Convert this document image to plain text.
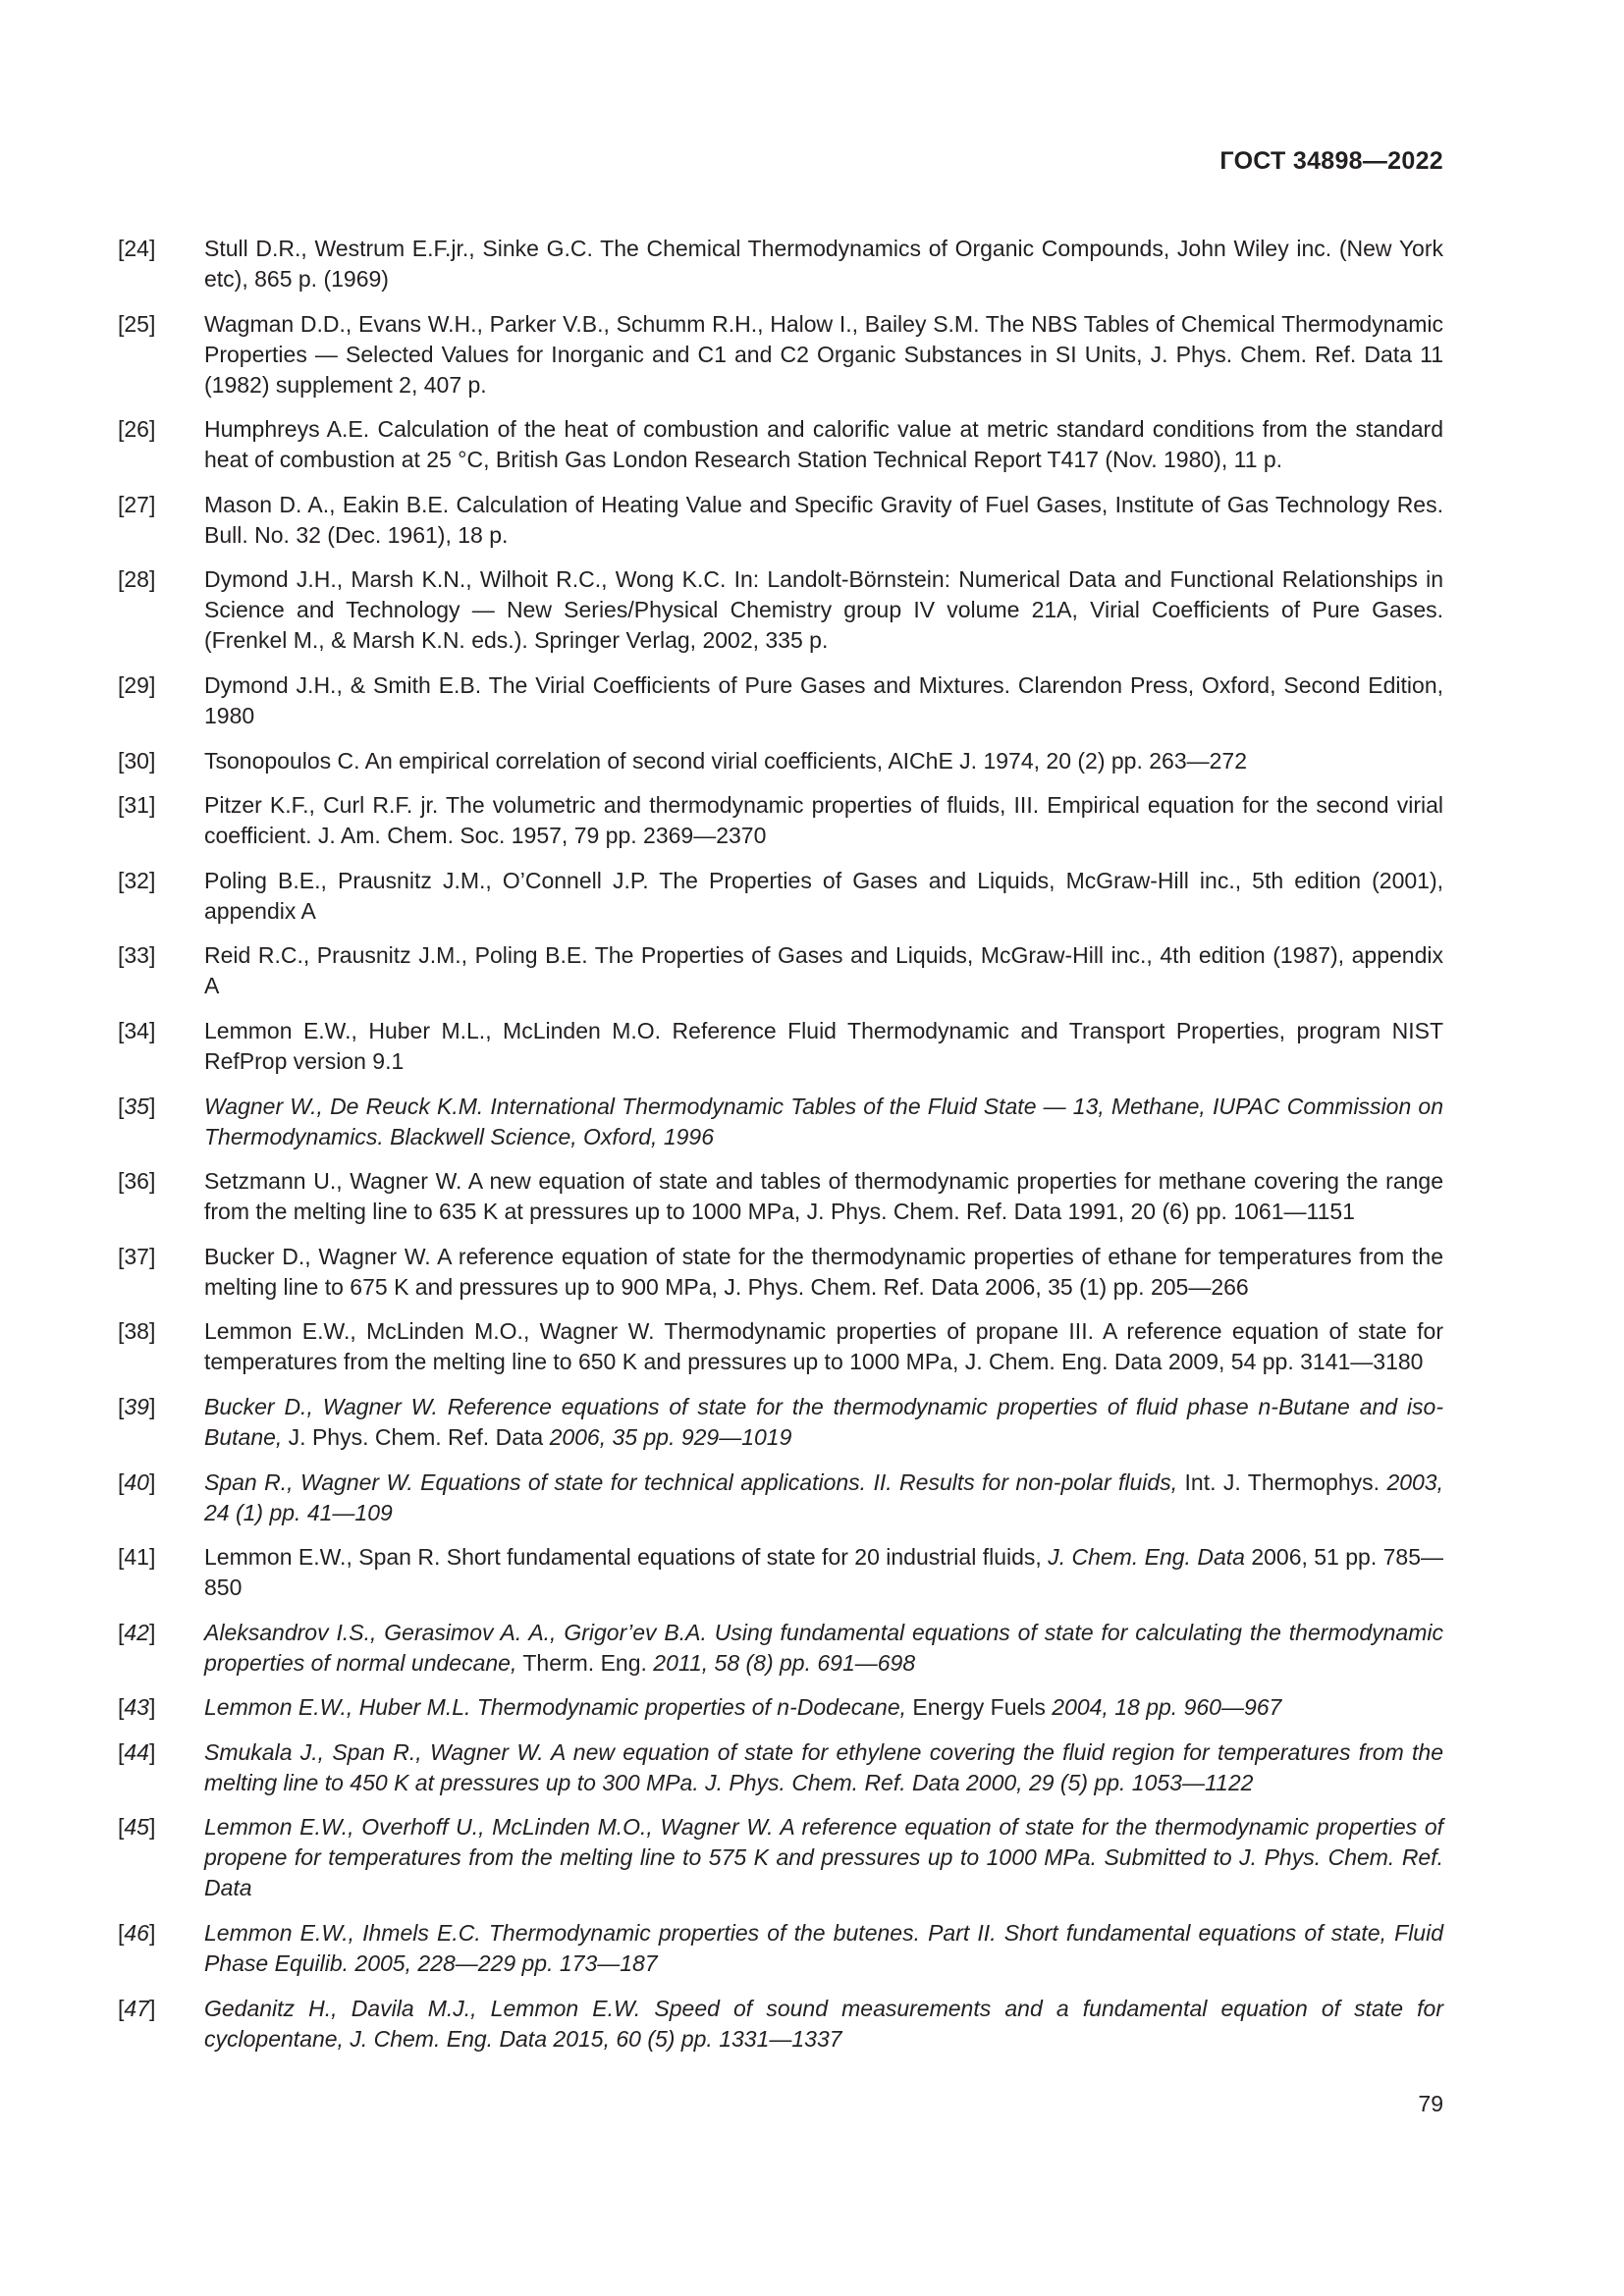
ГОСТ 34898—2022
[24]	Stull D.R., Westrum E.F.jr., Sinke G.C. The Chemical Thermodynamics of Organic Compounds, John Wiley inc. (New York etc), 865 p. (1969)
[25]	Wagman D.D., Evans W.H., Parker V.B., Schumm R.H., Halow I., Bailey S.M. The NBS Tables of Chemical Thermodynamic Properties — Selected Values for Inorganic and C1 and C2 Organic Substances in SI Units, J. Phys. Chem. Ref. Data 11 (1982) supplement 2, 407 p.
[26]	Humphreys A.E. Calculation of the heat of combustion and calorific value at metric standard conditions from the standard heat of combustion at 25 °C, British Gas London Research Station Technical Report T417 (Nov. 1980), 11 p.
[27]	Mason D. A., Eakin B.E. Calculation of Heating Value and Specific Gravity of Fuel Gases, Institute of Gas Technology Res. Bull. No. 32 (Dec. 1961), 18 p.
[28]	Dymond J.H., Marsh K.N., Wilhoit R.C., Wong K.C. In: Landolt-Börnstein: Numerical Data and Functional Relationships in Science and Technology — New Series/Physical Chemistry group IV volume 21A, Virial Coefficients of Pure Gases. (Frenkel M., & Marsh K.N. eds.). Springer Verlag, 2002, 335 p.
[29]	Dymond J.H., & Smith E.B. The Virial Coefficients of Pure Gases and Mixtures. Clarendon Press, Oxford, Second Edition, 1980
[30]	Tsonopoulos C. An empirical correlation of second virial coefficients, AIChE J. 1974, 20 (2) pp. 263—272
[31]	Pitzer K.F., Curl R.F. jr. The volumetric and thermodynamic properties of fluids, III. Empirical equation for the second virial coefficient. J. Am. Chem. Soc. 1957, 79 pp. 2369—2370
[32]	Poling B.E., Prausnitz J.M., O’Connell J.P. The Properties of Gases and Liquids, McGraw-Hill inc., 5th edition (2001), appendix A
[33]	Reid R.C., Prausnitz J.M., Poling B.E. The Properties of Gases and Liquids, McGraw-Hill inc., 4th edition (1987), appendix A
[34]	Lemmon E.W., Huber M.L., McLinden M.O. Reference Fluid Thermodynamic and Transport Properties, program NIST RefProp version 9.1
[35]	Wagner W., De Reuck K.M. International Thermodynamic Tables of the Fluid State — 13, Methane, IUPAC Commission on Thermodynamics. Blackwell Science, Oxford, 1996
[36]	Setzmann U., Wagner W. A new equation of state and tables of thermodynamic properties for methane covering the range from the melting line to 635 K at pressures up to 1000 MPa, J. Phys. Chem. Ref. Data 1991, 20 (6) pp. 1061—1151
[37]	Bucker D., Wagner W. A reference equation of state for the thermodynamic properties of ethane for temperatures from the melting line to 675 K and pressures up to 900 MPa, J. Phys. Chem. Ref. Data 2006, 35 (1) pp. 205—266
[38]	Lemmon E.W., McLinden M.O., Wagner W. Thermodynamic properties of propane III. A reference equation of state for temperatures from the melting line to 650 K and pressures up to 1000 MPa, J. Chem. Eng. Data 2009, 54 pp. 3141—3180
[39]	Bucker D., Wagner W. Reference equations of state for the thermodynamic properties of fluid phase n-Butane and iso-Butane, J. Phys. Chem. Ref. Data 2006, 35 pp. 929—1019
[40]	Span R., Wagner W. Equations of state for technical applications. II. Results for non-polar fluids, Int. J. Thermophys. 2003, 24 (1) pp. 41—109
[41]	Lemmon E.W., Span R. Short fundamental equations of state for 20 industrial fluids, J. Chem. Eng. Data 2006, 51 pp. 785—850
[42]	Aleksandrov I.S., Gerasimov A. A., Grigor’ev B.A. Using fundamental equations of state for calculating the thermodynamic properties of normal undecane, Therm. Eng. 2011, 58 (8) pp. 691—698
[43]	Lemmon E.W., Huber M.L. Thermodynamic properties of n-Dodecane, Energy Fuels 2004, 18 pp. 960—967
[44]	Smukala J., Span R., Wagner W. A new equation of state for ethylene covering the fluid region for temperatures from the melting line to 450 K at pressures up to 300 MPa. J. Phys. Chem. Ref. Data 2000, 29 (5) pp. 1053—1122
[45]	Lemmon E.W., Overhoff U., McLinden M.O., Wagner W. A reference equation of state for the thermodynamic properties of propene for temperatures from the melting line to 575 K and pressures up to 1000 MPa. Submitted to J. Phys. Chem. Ref. Data
[46]	Lemmon E.W., Ihmels E.C. Thermodynamic properties of the butenes. Part II. Short fundamental equations of state, Fluid Phase Equilib. 2005, 228—229 pp. 173—187
[47]	Gedanitz H., Davila M.J., Lemmon E.W. Speed of sound measurements and a fundamental equation of state for cyclopentane, J. Chem. Eng. Data 2015, 60 (5) pp. 1331—1337
79
